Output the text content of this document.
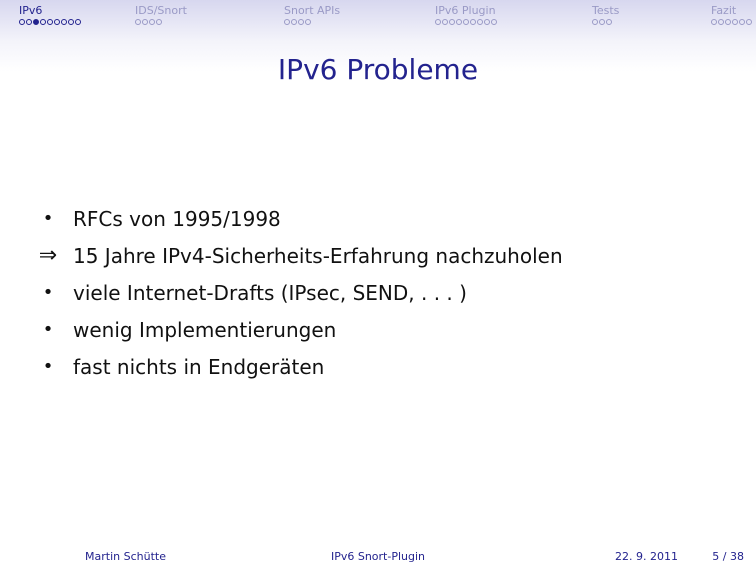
IPv6	IDS/Snort	Snort APIs	IPv6 Plugin	Tests	Fazit
IPv6 Probleme
• RFCs von 1995/1998
⇒ 15 Jahre IPv4-Sicherheits-Erfahrung nachzuholen
• viele Internet-Drafts (IPsec, SEND, . . . )
• wenig Implementierungen
• fast nichts in Endgeräten
Martin Schütte	IPv6 Snort-Plugin	22. 9. 2011	5 / 38
